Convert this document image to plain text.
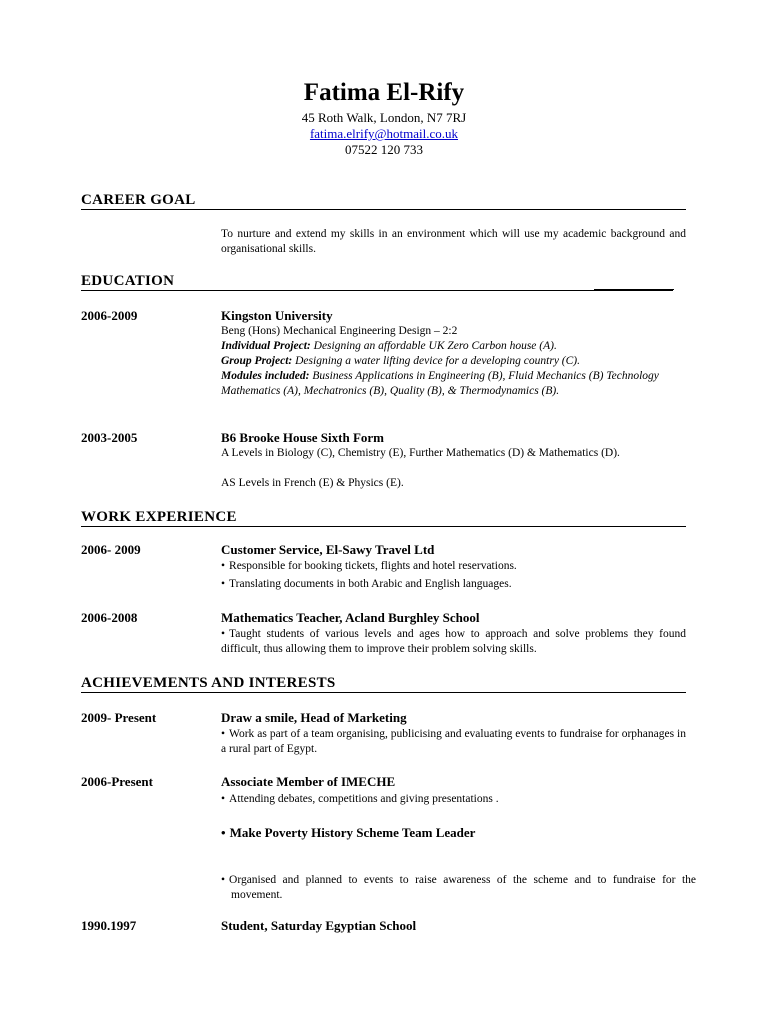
Fatima El-Rify
45 Roth Walk, London, N7 7RJ
fatima.elrify@hotmail.co.uk
07522 120 733
CAREER GOAL
To nurture and extend my skills in an environment which will use my academic background and organisational skills.
EDUCATION
2006-2009	Kingston University
Beng (Hons) Mechanical Engineering Design – 2:2
Individual Project: Designing an affordable UK Zero Carbon house (A).
Group Project: Designing a water lifting device for a developing country (C).
Modules included: Business Applications in Engineering (B), Fluid Mechanics (B) Technology Mathematics (A), Mechatronics (B), Quality (B), & Thermodynamics (B).
2003-2005	B6 Brooke House Sixth Form
A Levels in Biology (C), Chemistry (E), Further Mathematics (D) & Mathematics (D).
AS Levels in French (E) & Physics (E).
WORK EXPERIENCE
2006- 2009	Customer Service, El-Sawy Travel Ltd
• Responsible for booking tickets, flights and hotel reservations.
• Translating documents in both Arabic and English languages.
2006-2008	Mathematics Teacher, Acland Burghley School
• Taught students of various levels and ages how to approach and solve problems they found difficult, thus allowing them to improve their problem solving skills.
ACHIEVEMENTS AND INTERESTS
2009- Present	Draw a smile, Head of Marketing
• Work as part of a team organising, publicising and evaluating events to fundraise for orphanages in a rural part of Egypt.
2006-Present	Associate Member of IMECHE
• Attending debates, competitions and giving presentations .
• Make Poverty History Scheme Team Leader
• Organised and planned to events to raise awareness of the scheme and to fundraise for the movement.
1990.1997	Student, Saturday Egyptian School
